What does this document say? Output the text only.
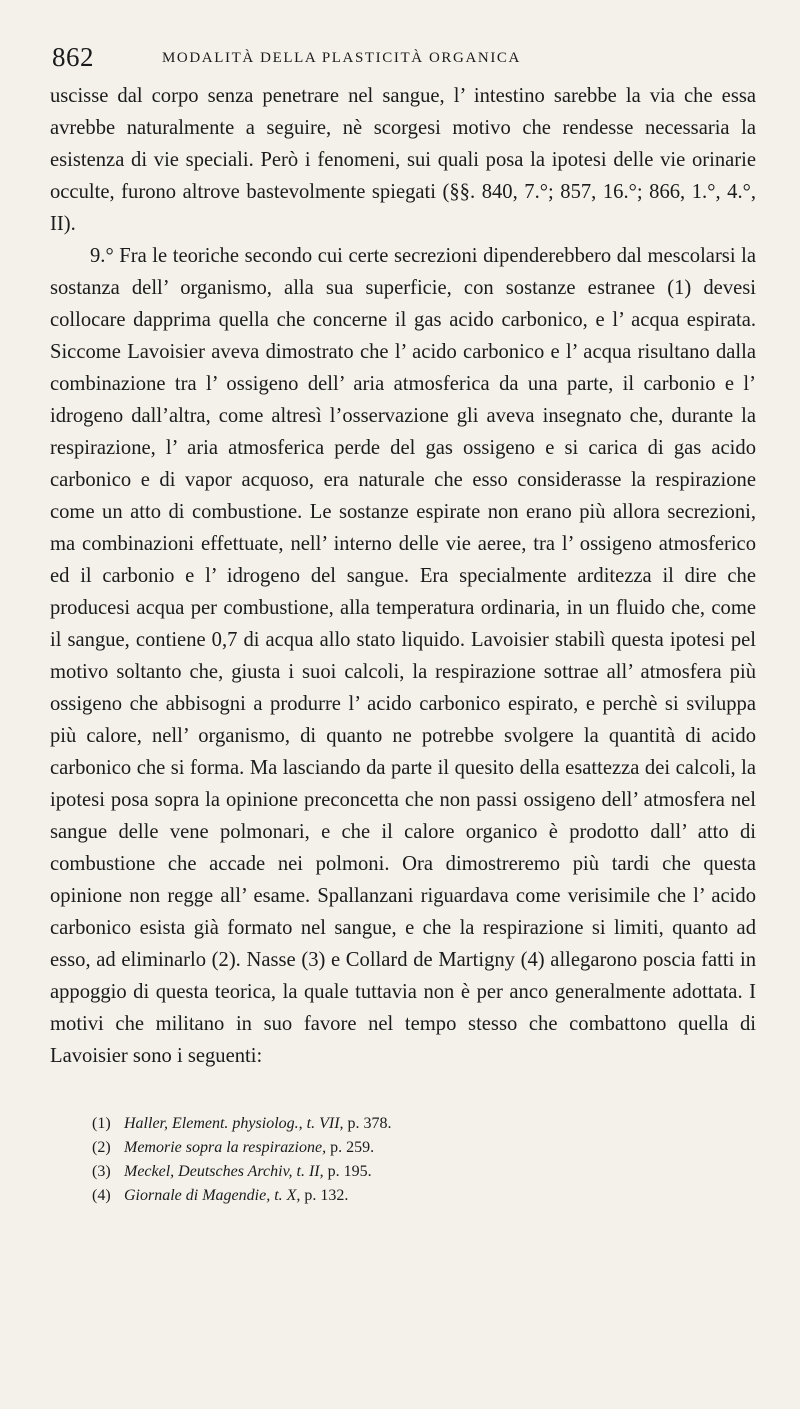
862	MODALITÀ DELLA PLASTICITÀ ORGANICA

uscisse dal corpo senza penetrare nel sangue, l’ intestino sarebbe la via che essa avrebbe naturalmente a seguire, nè scorgesi motivo che rendesse necessaria la esistenza di vie speciali. Però i fenomeni, sui quali posa la ipotesi delle vie orinarie occulte, furono altrove bastevolmente spiegati (§§. 840, 7.°; 857, 16.°; 866, 1.°, 4.°, II).

9.° Fra le teoriche secondo cui certe secrezioni dipenderebbero dal mescolarsi la sostanza dell’ organismo, alla sua superficie, con sostanze estranee (1) devesi collocare dapprima quella che concerne il gas acido carbonico, e l’ acqua espirata. Siccome Lavoisier aveva dimostrato che l’ acido carbonico e l’ acqua risultano dalla combinazione tra l’ ossigeno dell’ aria atmosferica da una parte, il carbonio e l’ idrogeno dall’altra, come altresì l’osservazione gli aveva insegnato che, durante la respirazione, l’ aria atmosferica perde del gas ossigeno e si carica di gas acido carbonico e di vapor acquoso, era naturale che esso considerasse la respirazione come un atto di combustione. Le sostanze espirate non erano più allora secrezioni, ma combinazioni effettuate, nell’ interno delle vie aeree, tra l’ ossigeno atmosferico ed il carbonio e l’ idrogeno del sangue. Era specialmente arditezza il dire che producesi acqua per combustione, alla temperatura ordinaria, in un fluido che, come il sangue, contiene 0,7 di acqua allo stato liquido. Lavoisier stabilì questa ipotesi pel motivo soltanto che, giusta i suoi calcoli, la respirazione sottrae all’ atmosfera più ossigeno che abbisogni a produrre l’ acido carbonico espirato, e perchè si sviluppa più calore, nell’ organismo, di quanto ne potrebbe svolgere la quantità di acido carbonico che si forma. Ma lasciando da parte il quesito della esattezza dei calcoli, la ipotesi posa sopra la opinione preconcetta che non passi ossigeno dell’ atmosfera nel sangue delle vene polmonari, e che il calore organico è prodotto dall’ atto di combustione che accade nei polmoni. Ora dimostreremo più tardi che questa opinione non regge all’ esame. Spallanzani riguardava come verisimile che l’ acido carbonico esista già formato nel sangue, e che la respirazione si limiti, quanto ad esso, ad eliminarlo (2). Nasse (3) e Collard de Martigny (4) allegarono poscia fatti in appoggio di questa teorica, la quale tuttavia non è per anco generalmente adottata. I motivi che militano in suo favore nel tempo stesso che combattono quella di Lavoisier sono i seguenti:

(1) Haller, Element. physiolog., t. VII, p. 378.

(2) Memorie sopra la respirazione, p. 259.

(3) Meckel, Deutsches Archiv, t. II, p. 195.

(4) Giornale di Magendie, t. X, p. 132.
